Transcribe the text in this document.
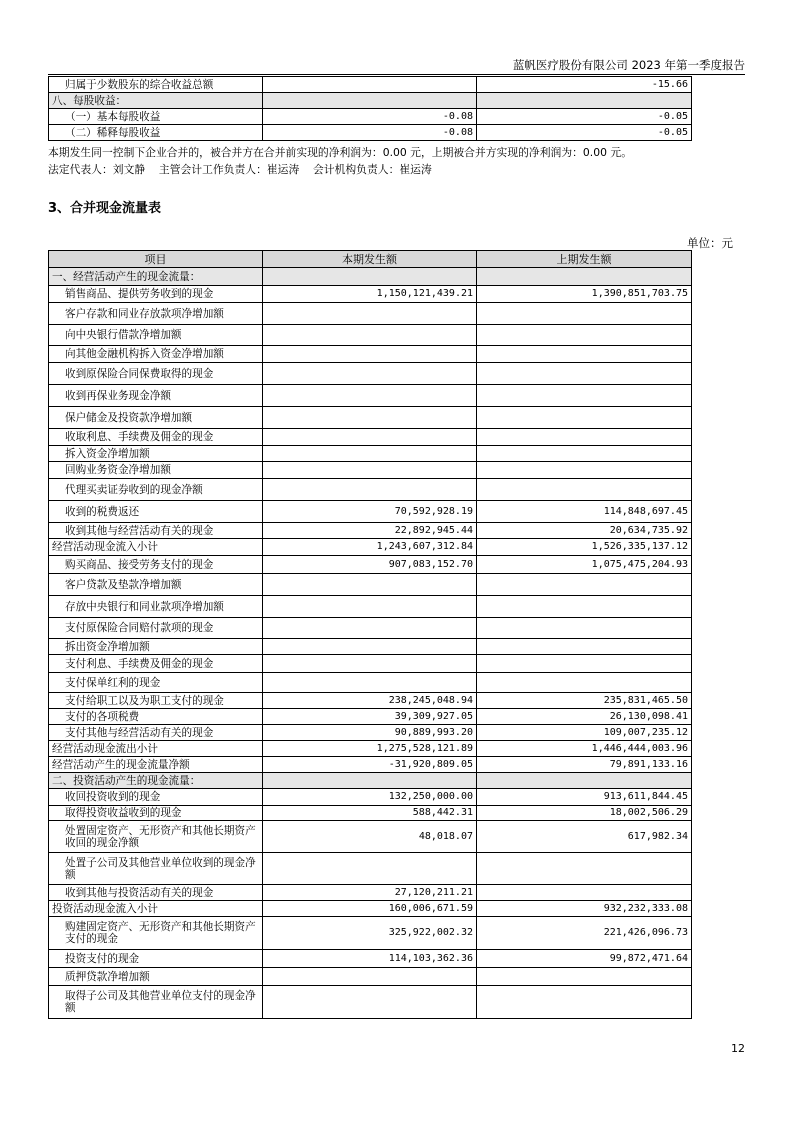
蓝帆医疗股份有限公司 2023 年第一季度报告
归属于少数股东的综合收益总额		-15.66
八、每股收益：		
（一）基本每股收益	-0.08	-0.05
（二）稀释每股收益	-0.08	-0.05
本期发生同一控制下企业合并的，被合并方在合并前实现的净利润为：0.00 元，上期被合并方实现的净利润为：0.00 元。
法定代表人：刘文静    主管会计工作负责人：崔运涛    会计机构负责人：崔运涛
3、合并现金流量表
单位：元
项目	本期发生额	上期发生额
一、经营活动产生的现金流量：		
销售商品、提供劳务收到的现金	1,150,121,439.21	1,390,851,703.75
客户存款和同业存放款项净增加额		
向中央银行借款净增加额		
向其他金融机构拆入资金净增加额		
收到原保险合同保费取得的现金		
收到再保业务现金净额		
保户储金及投资款净增加额		
收取利息、手续费及佣金的现金		
拆入资金净增加额		
回购业务资金净增加额		
代理买卖证券收到的现金净额		
收到的税费返还	70,592,928.19	114,848,697.45
收到其他与经营活动有关的现金	22,892,945.44	20,634,735.92
经营活动现金流入小计	1,243,607,312.84	1,526,335,137.12
购买商品、接受劳务支付的现金	907,083,152.70	1,075,475,204.93
客户贷款及垫款净增加额		
存放中央银行和同业款项净增加额		
支付原保险合同赔付款项的现金		
拆出资金净增加额		
支付利息、手续费及佣金的现金		
支付保单红利的现金		
支付给职工以及为职工支付的现金	238,245,048.94	235,831,465.50
支付的各项税费	39,309,927.05	26,130,098.41
支付其他与经营活动有关的现金	90,889,993.20	109,007,235.12
经营活动现金流出小计	1,275,528,121.89	1,446,444,003.96
经营活动产生的现金流量净额	-31,920,809.05	79,891,133.16
二、投资活动产生的现金流量：		
收回投资收到的现金	132,250,000.00	913,611,844.45
取得投资收益收到的现金	588,442.31	18,002,506.29
处置固定资产、无形资产和其他长期资产收回的现金净额	48,018.07	617,982.34
处置子公司及其他营业单位收到的现金净额		
收到其他与投资活动有关的现金	27,120,211.21	
投资活动现金流入小计	160,006,671.59	932,232,333.08
购建固定资产、无形资产和其他长期资产支付的现金	325,922,002.32	221,426,096.73
投资支付的现金	114,103,362.36	99,872,471.64
质押贷款净增加额		
取得子公司及其他营业单位支付的现金净额		
12
